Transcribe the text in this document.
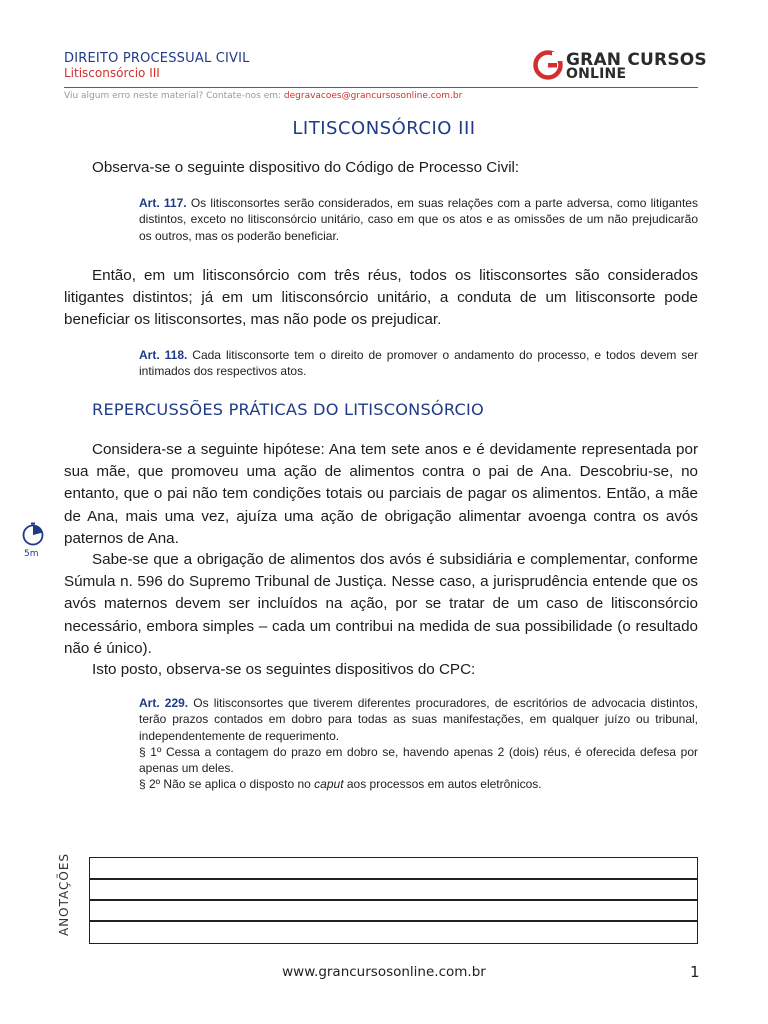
DIREITO PROCESSUAL CIVIL
Litisconsórcio III
GRAN CURSOS
ONLINE
Viu algum erro neste material? Contate-nos em: degravacoes@grancursosonline.com.br
LITISCONSÓRCIO III
Observa-se o seguinte dispositivo do Código de Processo Civil:
Art. 117. Os litisconsortes serão considerados, em suas relações com a parte adversa, como litigantes distintos, exceto no litisconsórcio unitário, caso em que os atos e as omissões de um não prejudicarão os outros, mas os poderão beneficiar.
Então, em um litisconsórcio com três réus, todos os litisconsortes são considerados litigantes distintos; já em um litisconsórcio unitário, a conduta de um litisconsorte pode beneficiar os litisconsortes, mas não pode os prejudicar.
Art. 118. Cada litisconsorte tem o direito de promover o andamento do processo, e todos devem ser intimados dos respectivos atos.
REPERCUSSÕES PRÁTICAS DO LITISCONSÓRCIO
Considera-se a seguinte hipótese: Ana tem sete anos e é devidamente representada por sua mãe, que promoveu uma ação de alimentos contra o pai de Ana. Descobriu-se, no entanto, que o pai não tem condições totais ou parciais de pagar os alimentos. Então, a mãe de Ana, mais uma vez, ajuíza uma ação de obrigação alimentar avoenga contra os avós paternos de Ana.
Sabe-se que a obrigação de alimentos dos avós é subsidiária e complementar, conforme Súmula n. 596 do Supremo Tribunal de Justiça. Nesse caso, a jurisprudência entende que os avós maternos devem ser incluídos na ação, por se tratar de um caso de litisconsórcio necessário, embora simples – cada um contribui na medida de sua possibilidade (o resultado não é único).
Isto posto, observa-se os seguintes dispositivos do CPC:
Art. 229. Os litisconsortes que tiverem diferentes procuradores, de escritórios de advocacia distintos, terão prazos contados em dobro para todas as suas manifestações, em qualquer juízo ou tribunal, independentemente de requerimento.
§ 1º Cessa a contagem do prazo em dobro se, havendo apenas 2 (dois) réus, é oferecida defesa por apenas um deles.
§ 2º Não se aplica o disposto no caput aos processos em autos eletrônicos.
5m
ANOTAÇÕES
www.grancursosonline.com.br	1
